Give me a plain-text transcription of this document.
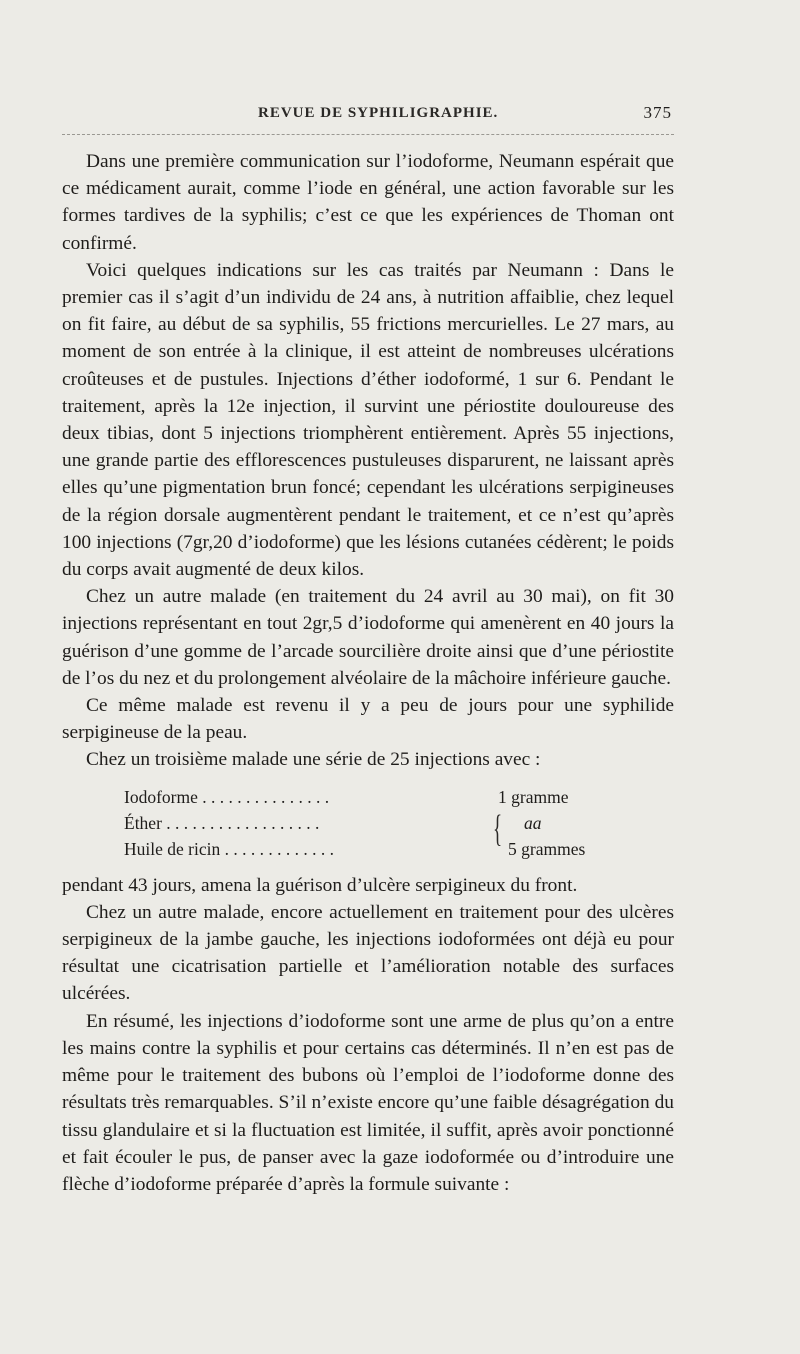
REVUE DE SYPHILIGRAPHIE.	375

Dans une première communication sur l’iodoforme, Neumann espérait que ce médicament aurait, comme l’iode en général, une action favorable sur les formes tardives de la syphilis; c’est ce que les expériences de Thoman ont confirmé.

Voici quelques indications sur les cas traités par Neumann : Dans le premier cas il s’agit d’un individu de 24 ans, à nutrition affaiblie, chez lequel on fit faire, au début de sa syphilis, 55 frictions mercurielles. Le 27 mars, au moment de son entrée à la clinique, il est atteint de nombreuses ulcérations croûteuses et de pustules. Injections d’éther iodoformé, 1 sur 6. Pendant le traitement, après la 12e injection, il survint une périostite douloureuse des deux tibias, dont 5 injections triomphèrent entièrement. Après 55 injections, une grande partie des efflorescences pustuleuses disparurent, ne laissant après elles qu’une pigmentation brun foncé; cependant les ulcérations serpigineuses de la région dorsale augmentèrent pendant le traitement, et ce n’est qu’après 100 injections (7gr,20 d’iodoforme) que les lésions cutanées cédèrent; le poids du corps avait augmenté de deux kilos.

Chez un autre malade (en traitement du 24 avril au 30 mai), on fit 30 injections représentant en tout 2gr,5 d’iodoforme qui amenèrent en 40 jours la guérison d’une gomme de l’arcade sourcilière droite ainsi que d’une périostite de l’os du nez et du prolongement alvéolaire de la mâchoire inférieure gauche.

Ce même malade est revenu il y a peu de jours pour une syphilide serpigineuse de la peau.

Chez un troisième malade une série de 25 injections avec :

Iodoforme . . . . . . . . . . . . . . .	1 gramme
Éther . . . . . . . . . . . . . . . . . .	aa
Huile de ricin . . . . . . . . . . . . .	5 grammes
{

pendant 43 jours, amena la guérison d’ulcère serpigineux du front.

Chez un autre malade, encore actuellement en traitement pour des ulcères serpigineux de la jambe gauche, les injections iodoformées ont déjà eu pour résultat une cicatrisation partielle et l’amélioration notable des surfaces ulcérées.

En résumé, les injections d’iodoforme sont une arme de plus qu’on a entre les mains contre la syphilis et pour certains cas déterminés. Il n’en est pas de même pour le traitement des bubons où l’emploi de l’iodoforme donne des résultats très remarquables. S’il n’existe encore qu’une faible désagrégation du tissu glandulaire et si la fluctuation est limitée, il suffit, après avoir ponctionné et fait écouler le pus, de panser avec la gaze iodoformée ou d’introduire une flèche d’iodoforme préparée d’après la formule suivante :
